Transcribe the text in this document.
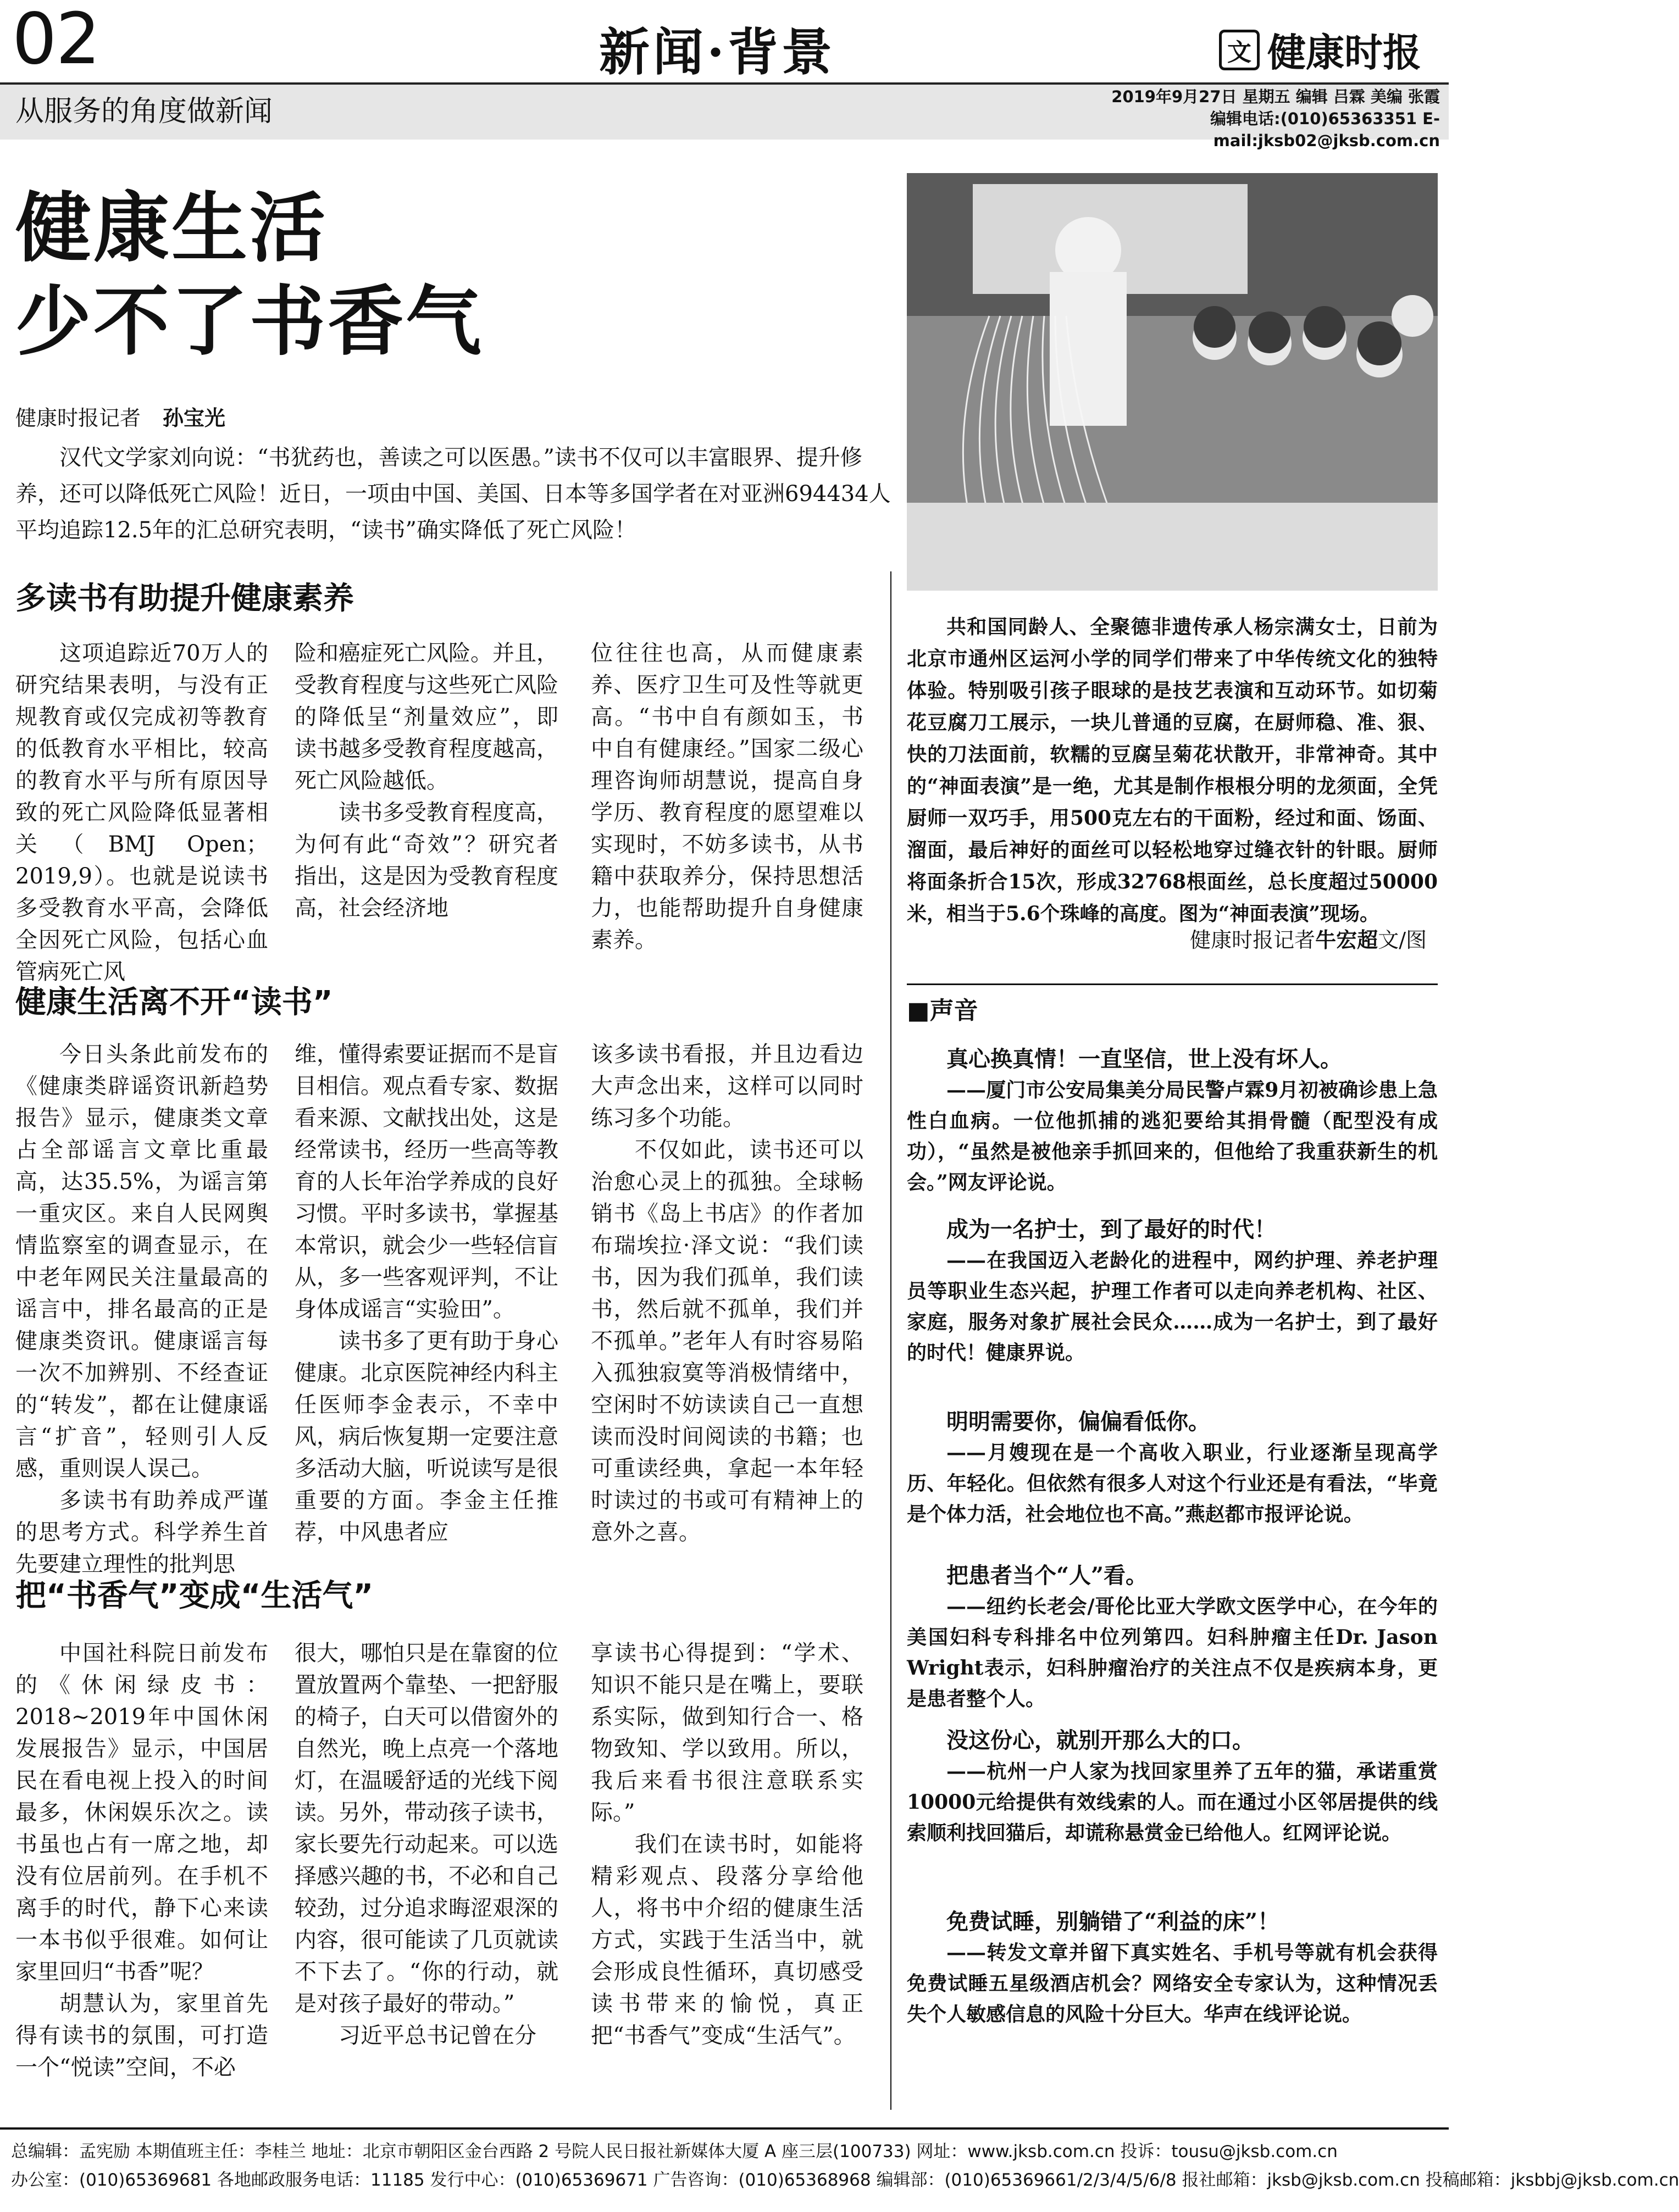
02	新闻·背景	文 健康时报
从服务的角度做新闻	2019年9月27日 星期五 编辑 吕霖 美编 张霞
编辑电话:(010)65363351 E-mail:jksb02@jksb.com.cn
健康生活
少不了书香气
健康时报记者 孙宝光
汉代文学家刘向说：“书犹药也，善读之可以医愚。”读书不仅可以丰富眼界、提升修养，还可以降低死亡风险！近日，一项由中国、美国、日本等多国学者在对亚洲694434人平均追踪12.5年的汇总研究表明，“读书”确实降低了死亡风险！
多读书有助提升健康素养

这项追踪近70万人的研究结果表明，与没有正规教育或仅完成初等教育的低教育水平相比，较高的教育水平与所有原因导致的死亡风险降低显著相关（BMJ Open；2019,9）。也就是说读书多受教育水平高，会降低全因死亡风险，包括心血管病死亡风

险和癌症死亡风险。并且，受教育程度与这些死亡风险的降低呈“剂量效应”，即读书越多受教育程度越高，死亡风险越低。

读书多受教育程度高，为何有此“奇效”？研究者指出，这是因为受教育程度高，社会经济地

位往往也高，从而健康素养、医疗卫生可及性等就更高。“书中自有颜如玉，书中自有健康经。”国家二级心理咨询师胡慧说，提高自身学历、教育程度的愿望难以实现时，不妨多读书，从书籍中获取养分，保持思想活力，也能帮助提升自身健康素养。

健康生活离不开“读书”

今日头条此前发布的《健康类辟谣资讯新趋势报告》显示，健康类文章占全部谣言文章比重最高，达35.5%，为谣言第一重灾区。来自人民网舆情监察室的调查显示，在中老年网民关注量最高的谣言中，排名最高的正是健康类资讯。健康谣言每一次不加辨别、不经查证的“转发”，都在让健康谣言“扩音”，轻则引人反感，重则误人误己。

多读书有助养成严谨的思考方式。科学养生首先要建立理性的批判思

维，懂得索要证据而不是盲目相信。观点看专家、数据看来源、文献找出处，这是经常读书，经历一些高等教育的人长年治学养成的良好习惯。平时多读书，掌握基本常识，就会少一些轻信盲从，多一些客观评判，不让身体成谣言“实验田”。

读书多了更有助于身心健康。北京医院神经内科主任医师李金表示，不幸中风，病后恢复期一定要注意多活动大脑，听说读写是很重要的方面。李金主任推荐，中风患者应

该多读书看报，并且边看边大声念出来，这样可以同时练习多个功能。

不仅如此，读书还可以治愈心灵上的孤独。全球畅销书《岛上书店》的作者加布瑞埃拉·泽文说：“我们读书，因为我们孤单，我们读书，然后就不孤单，我们并不孤单。”老年人有时容易陷入孤独寂寞等消极情绪中，空闲时不妨读读自己一直想读而没时间阅读的书籍；也可重读经典，拿起一本年轻时读过的书或可有精神上的意外之喜。

把“书香气”变成“生活气”

中国社科院日前发布的《休闲绿皮书：2018~2019年中国休闲发展报告》显示，中国居民在看电视上投入的时间最多，休闲娱乐次之。读书虽也占有一席之地，却没有位居前列。在手机不离手的时代，静下心来读一本书似乎很难。如何让家里回归“书香”呢？

胡慧认为，家里首先得有读书的氛围，可打造一个“悦读”空间，不必

很大，哪怕只是在靠窗的位置放置两个靠垫、一把舒服的椅子，白天可以借窗外的自然光，晚上点亮一个落地灯，在温暖舒适的光线下阅读。另外，带动孩子读书，家长要先行动起来。可以选择感兴趣的书，不必和自己较劲，过分追求晦涩艰深的内容，很可能读了几页就读不下去了。“你的行动，就是对孩子最好的带动。”

习近平总书记曾在分

享读书心得提到：“学术、知识不能只是在嘴上，要联系实际，做到知行合一、格物致知、学以致用。所以，我后来看书很注意联系实际。”

我们在读书时，如能将精彩观点、段落分享给他人，将书中介绍的健康生活方式，实践于生活当中，就会形成良性循环，真切感受读书带来的愉悦，真正把“书香气”变成“生活气”。

共和国同龄人、全聚德非遗传承人杨宗满女士，日前为北京市通州区运河小学的同学们带来了中华传统文化的独特体验。特别吸引孩子眼球的是技艺表演和互动环节。如切菊花豆腐刀工展示，一块儿普通的豆腐，在厨师稳、准、狠、快的刀法面前，软糯的豆腐呈菊花状散开，非常神奇。其中的“神面表演”是一绝，尤其是制作根根分明的龙须面，全凭厨师一双巧手，用500克左右的干面粉，经过和面、饧面、溜面，最后神好的面丝可以轻松地穿过缝衣针的针眼。厨师将面条折合15次，形成32768根面丝，总长度超过50000米，相当于5.6个珠峰的高度。图为“神面表演”现场。
健康时报记者牛宏超文/图
■声音
真心换真情！一直坚信，世上没有坏人。
——厦门市公安局集美分局民警卢霖9月初被确诊患上急性白血病。一位他抓捕的逃犯要给其捐骨髓（配型没有成功），“虽然是被他亲手抓回来的，但他给了我重获新生的机会。”网友评论说。
成为一名护士，到了最好的时代！
——在我国迈入老龄化的进程中，网约护理、养老护理员等职业生态兴起，护理工作者可以走向养老机构、社区、家庭，服务对象扩展社会民众……成为一名护士，到了最好的时代！健康界说。
明明需要你，偏偏看低你。
——月嫂现在是一个高收入职业，行业逐渐呈现高学历、年轻化。但依然有很多人对这个行业还是有看法，“毕竟是个体力活，社会地位也不高。”燕赵都市报评论说。
把患者当个“人”看。
——纽约长老会/哥伦比亚大学欧文医学中心，在今年的美国妇科专科排名中位列第四。妇科肿瘤主任Dr. Jason Wright表示，妇科肿瘤治疗的关注点不仅是疾病本身，更是患者整个人。
没这份心，就别开那么大的口。
——杭州一户人家为找回家里养了五年的猫，承诺重赏10000元给提供有效线索的人。而在通过小区邻居提供的线索顺利找回猫后，却谎称悬赏金已给他人。红网评论说。
免费试睡，别躺错了“利益的床”！
——转发文章并留下真实姓名、手机号等就有机会获得免费试睡五星级酒店机会？网络安全专家认为，这种情况丢失个人敏感信息的风险十分巨大。华声在线评论说。
总编辑：孟宪励 本期值班主任：李桂兰 地址：北京市朝阳区金台西路 2 号院人民日报社新媒体大厦 A 座三层(100733) 网址：www.jksb.com.cn 投诉：tousu@jksb.com.cn
办公室：(010)65369681 各地邮政服务电话：11185 发行中心：(010)65369671 广告咨询：(010)65368968 编辑部：(010)65369661/2/3/4/5/6/8 报社邮箱：jksb@jksb.com.cn 投稿邮箱：jksbbj@jksb.com.cn
